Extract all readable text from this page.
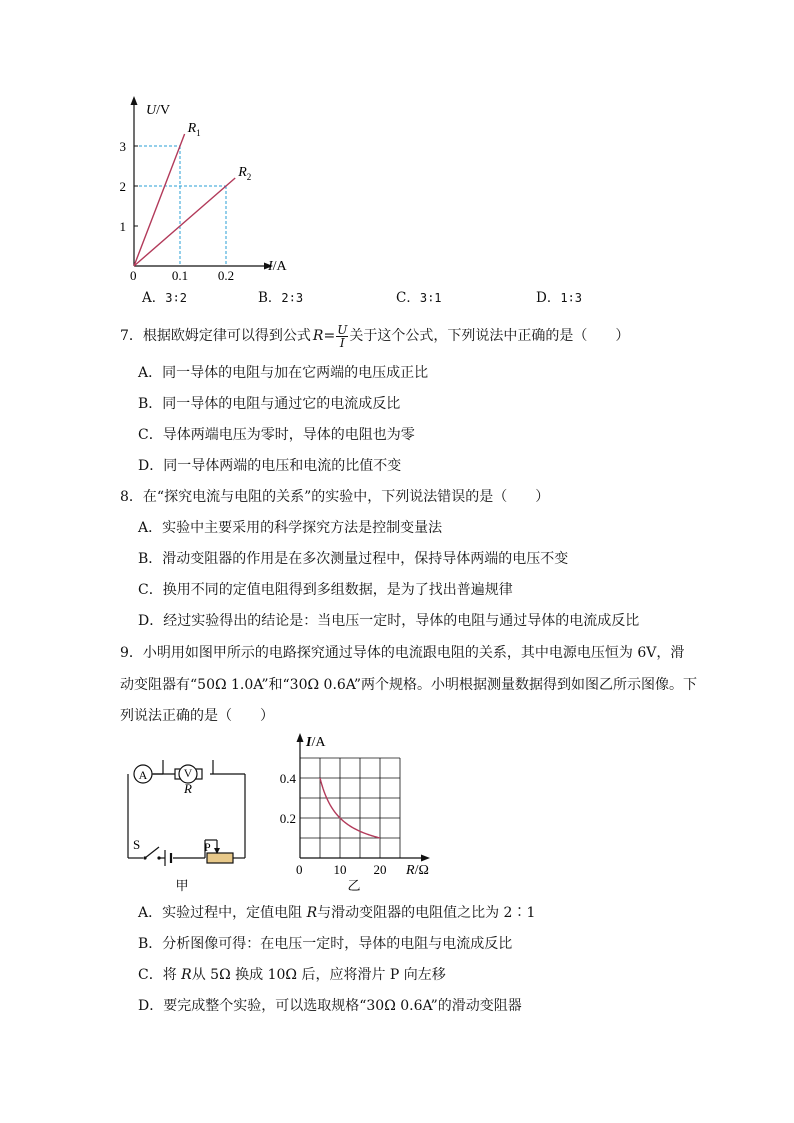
U/V
I/A
0
$R_1$
$R_2$
0.1 0.2
1
2
3
A．3∶2	B．2∶3	C．3∶1	D．1∶3
7．根据欧姆定律可以得到公式 $R = \frac{U}{I}$ 关于这个公式，下列说法中正确的是（　　）
A．同一导体的电阻与加在它两端的电压成正比
B．同一导体的电阻与通过它的电流成反比
C．导体两端电压为零时，导体的电阻也为零
D．同一导体两端的电压和电流的比值不变
8．在“探究电流与电阻的关系”的实验中，下列说法错误的是（　　）
A．实验中主要采用的科学探究方法是控制变量法
B．滑动变阻器的作用是在多次测量过程中，保持导体两端的电压不变
C．换用不同的定值电阻得到多组数据，是为了找出普遍规律
D．经过实验得出的结论是：当电压一定时，导体的电阻与通过导体的电流成反比
9．小明用如图甲所示的电路探究通过导体的电流跟电阻的关系，其中电源电压恒为 6V，滑
动变阻器有“50Ω 1.0A”和“30Ω 0.6A”两个规格。小明根据测量数据得到如图乙所示图像。下
列说法正确的是（　　）
A
R
S	P
甲
V
I/A
R/Ω
0 10 20
0.2
0.4
乙
A．实验过程中，定值电阻 R与滑动变阻器的电阻值之比为 2∶1
B．分析图像可得：在电压一定时，导体的电阻与电流成反比
C．将 R从 5Ω 换成 10Ω 后，应将滑片 P 向左移
D．要完成整个实验，可以选取规格“30Ω 0.6A”的滑动变阻器
